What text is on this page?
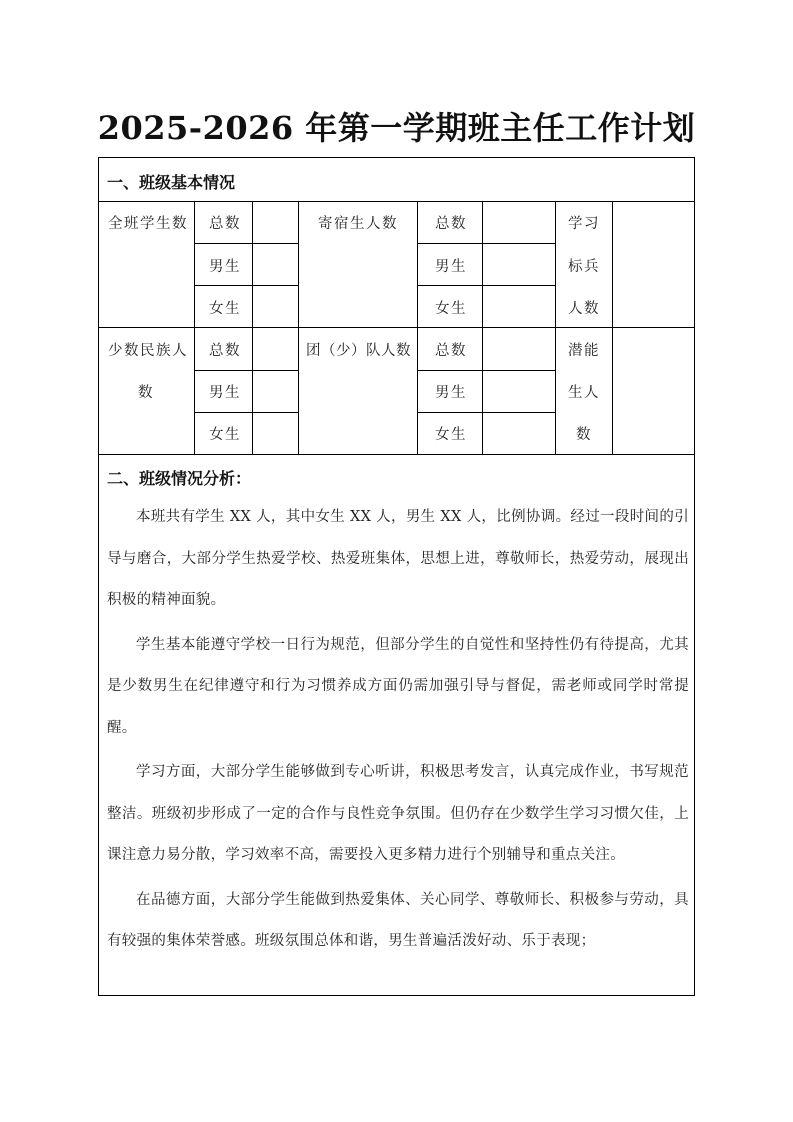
2025-2026 年第一学期班主任工作计划
一、班级基本情况
全班学生数 总数
男生
女生
寄宿生人数	总数
男生
女生
学习
标兵
人数
少数民族人
数
总数
男生
女生
团（少）队人数 总数
男生
女生
潜能
生人
数
二、班级情况分析：

本班共有学生 XX 人，其中女生 XX 人，男生 XX 人，比例协调。经过一段时间的引导与磨合，大部分学生热爱学校、热爱班集体，思想上进，尊敬师长，热爱劳动，展现出积极的精神面貌。

学生基本能遵守学校一日行为规范，但部分学生的自觉性和坚持性仍有待提高，尤其是少数男生在纪律遵守和行为习惯养成方面仍需加强引导与督促，需老师或同学时常提醒。

学习方面，大部分学生能够做到专心听讲，积极思考发言，认真完成作业，书写规范整洁。班级初步形成了一定的合作与良性竞争氛围。但仍存在少数学生学习习惯欠佳，上课注意力易分散，学习效率不高，需要投入更多精力进行个别辅导和重点关注。

在品德方面，大部分学生能做到热爱集体、关心同学、尊敬师长、积极参与劳动，具有较强的集体荣誉感。班级氛围总体和谐，男生普遍活泼好动、乐于表现；
